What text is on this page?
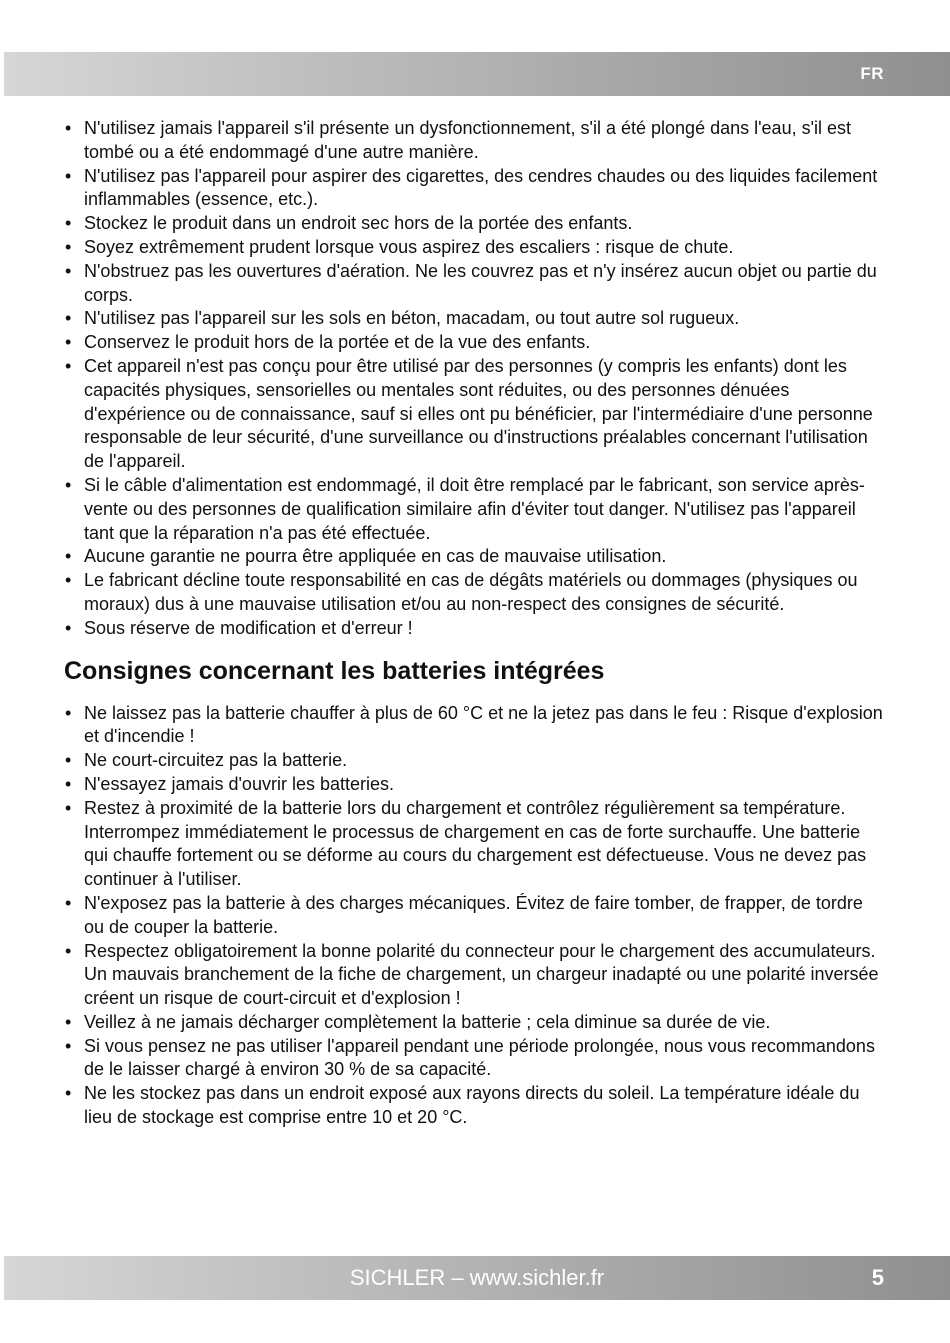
FR
• N'utilisez jamais l'appareil s'il présente un dysfonctionnement, s'il a été plongé dans l'eau, s'il est tombé ou a été endommagé d'une autre manière.
• N'utilisez pas l'appareil pour aspirer des cigarettes, des cendres chaudes ou des liquides facilement inflammables (essence, etc.).
• Stockez le produit dans un endroit sec hors de la portée des enfants.
• Soyez extrêmement prudent lorsque vous aspirez des escaliers : risque de chute.
• N'obstruez pas les ouvertures d'aération. Ne les couvrez pas et n'y insérez aucun objet ou partie du corps.
• N'utilisez pas l'appareil sur les sols en béton, macadam, ou tout autre sol rugueux.
• Conservez le produit hors de la portée et de la vue des enfants.
• Cet appareil n'est pas conçu pour être utilisé par des personnes (y compris les enfants) dont les capacités physiques, sensorielles ou mentales sont réduites, ou des personnes dénuées d'expérience ou de connaissance, sauf si elles ont pu bénéficier, par l'intermédiaire d'une personne responsable de leur sécurité, d'une surveillance ou d'instructions préalables concernant l'utilisation de l'appareil.
• Si le câble d'alimentation est endommagé, il doit être remplacé par le fabricant, son service après-vente ou des personnes de qualification similaire afin d'éviter tout danger. N'utilisez pas l'appareil tant que la réparation n'a pas été effectuée.
• Aucune garantie ne pourra être appliquée en cas de mauvaise utilisation.
• Le fabricant décline toute responsabilité en cas de dégâts matériels ou dommages (physiques ou moraux) dus à une mauvaise utilisation et/ou au non-respect des consignes de sécurité.
• Sous réserve de modification et d'erreur !
Consignes concernant les batteries intégrées
• Ne laissez pas la batterie chauffer à plus de 60 °C et ne la jetez pas dans le feu : Risque d'explosion et d'incendie !
• Ne court-circuitez pas la batterie.
• N'essayez jamais d'ouvrir les batteries.
• Restez à proximité de la batterie lors du chargement et contrôlez régulièrement sa température. Interrompez immédiatement le processus de chargement en cas de forte surchauffe. Une batterie qui chauffe fortement ou se déforme au cours du chargement est défectueuse. Vous ne devez pas continuer à l'utiliser.
• N'exposez pas la batterie à des charges mécaniques. Évitez de faire tomber, de frapper, de tordre ou de couper la batterie.
• Respectez obligatoirement la bonne polarité du connecteur pour le chargement des accumulateurs. Un mauvais branchement de la fiche de chargement, un chargeur inadapté ou une polarité inversée créent un risque de court-circuit et d'explosion !
• Veillez à ne jamais décharger complètement la batterie ; cela diminue sa durée de vie.
• Si vous pensez ne pas utiliser l'appareil pendant une période prolongée, nous vous recommandons de le laisser chargé à environ 30 % de sa capacité.
• Ne les stockez pas dans un endroit exposé aux rayons directs du soleil. La température idéale du lieu de stockage est comprise entre 10 et 20 °C.
SICHLER – www.sichler.fr	5
